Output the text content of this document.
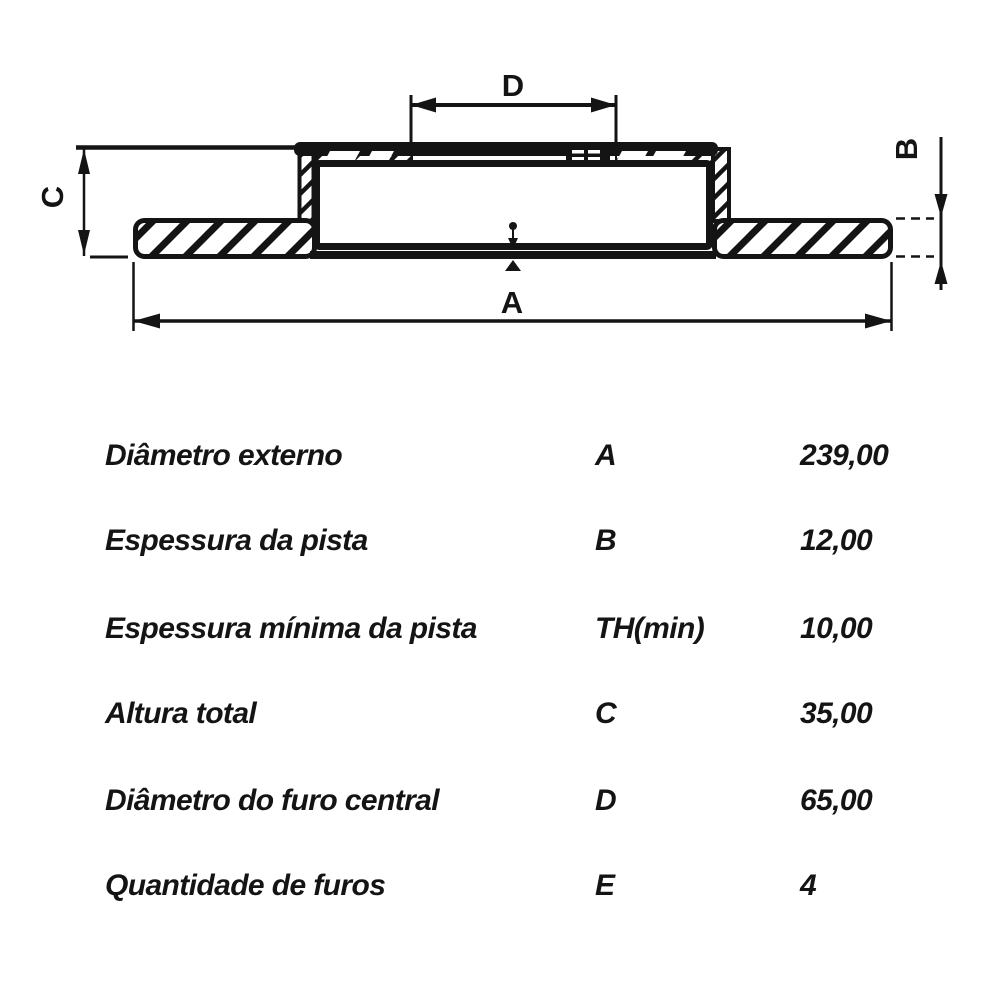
D
C
B
A
Diâmetro externo	A	239,00
Espessura da pista	B	12,00
Espessura mínima da pista	TH(min)	10,00
Altura total	C	35,00
Diâmetro do furo central	D	65,00
Quantidade de furos	E	4
